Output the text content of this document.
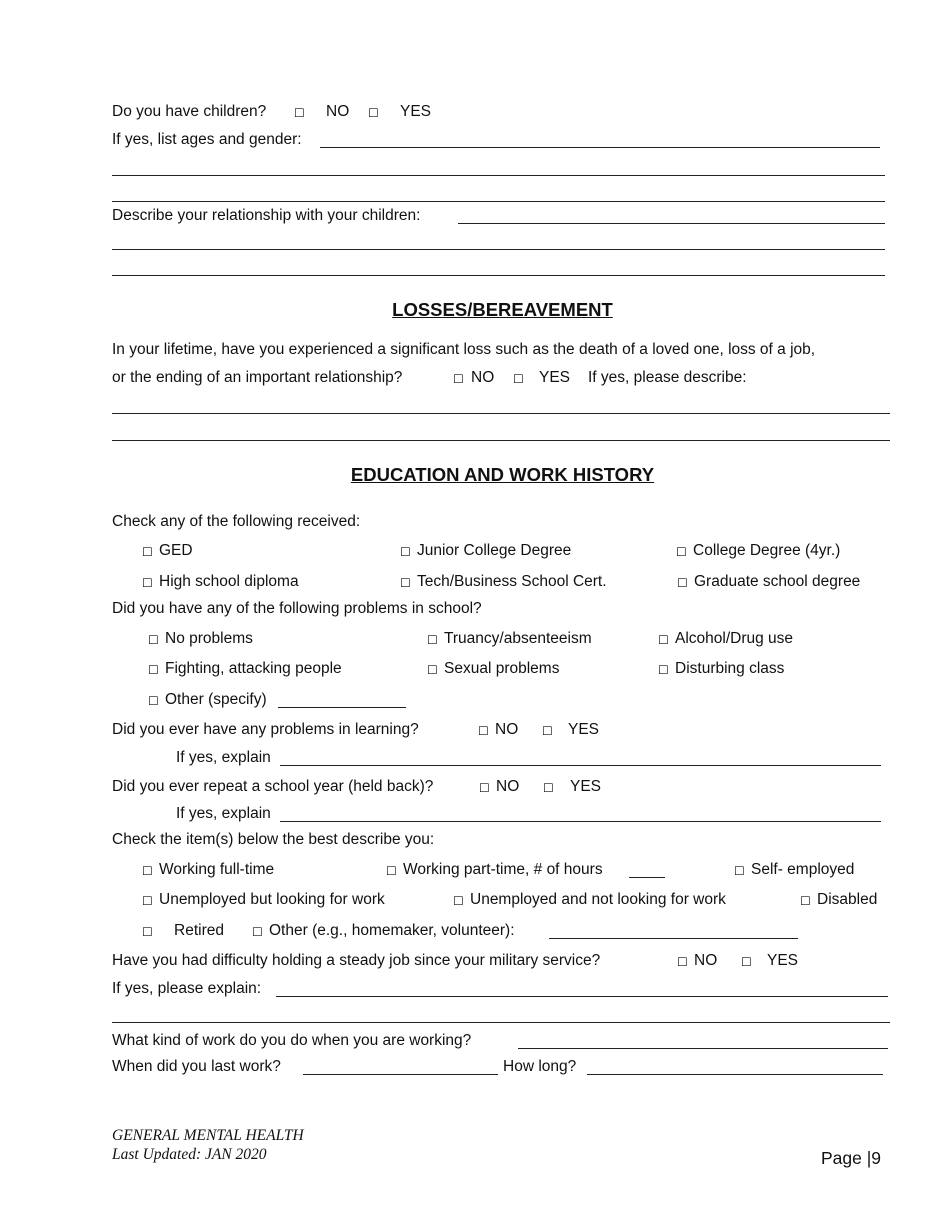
Do you have children? ☐ NO ☐ YES
If yes, list ages and gender:
Describe your relationship with your children:
LOSSES/BEREAVEMENT
In your lifetime, have you experienced a significant loss such as the death of a loved one, loss of a job,
or the ending of an important relationship?	☐ NO ☐ YES If yes, please describe:
EDUCATION AND WORK HISTORY
Check any of the following received:
☐ GED	☐ Junior College Degree	☐ College Degree (4yr.)
☐ High school diploma	☐ Tech/Business School Cert.	☐ Graduate school degree
Did you have any of the following problems in school?
☐ No problems	☐ Truancy/absenteeism	☐ Alcohol/Drug use
☐ Fighting, attacking people	☐ Sexual problems	☐ Disturbing class
☐ Other (specify)
Did you ever have any problems in learning?	☐ NO ☐ YES
If yes, explain
Did you ever repeat a school year (held back)?	☐ NO ☐ YES
If yes, explain
Check the item(s) below the best describe you:
☐ Working full-time	☐ Working part-time, # of hours	☐ Self- employed
☐ Unemployed but looking for work	☐ Unemployed and not looking for work	☐ Disabled
☐ Retired ☐ Other (e.g., homemaker, volunteer):
Have you had difficulty holding a steady job since your military service?	☐ NO ☐ YES
If yes, please explain:
What kind of work do you do when you are working?
When did you last work?	How long?
GENERAL MENTAL HEALTH
Last Updated: JAN 2020	Page |9
